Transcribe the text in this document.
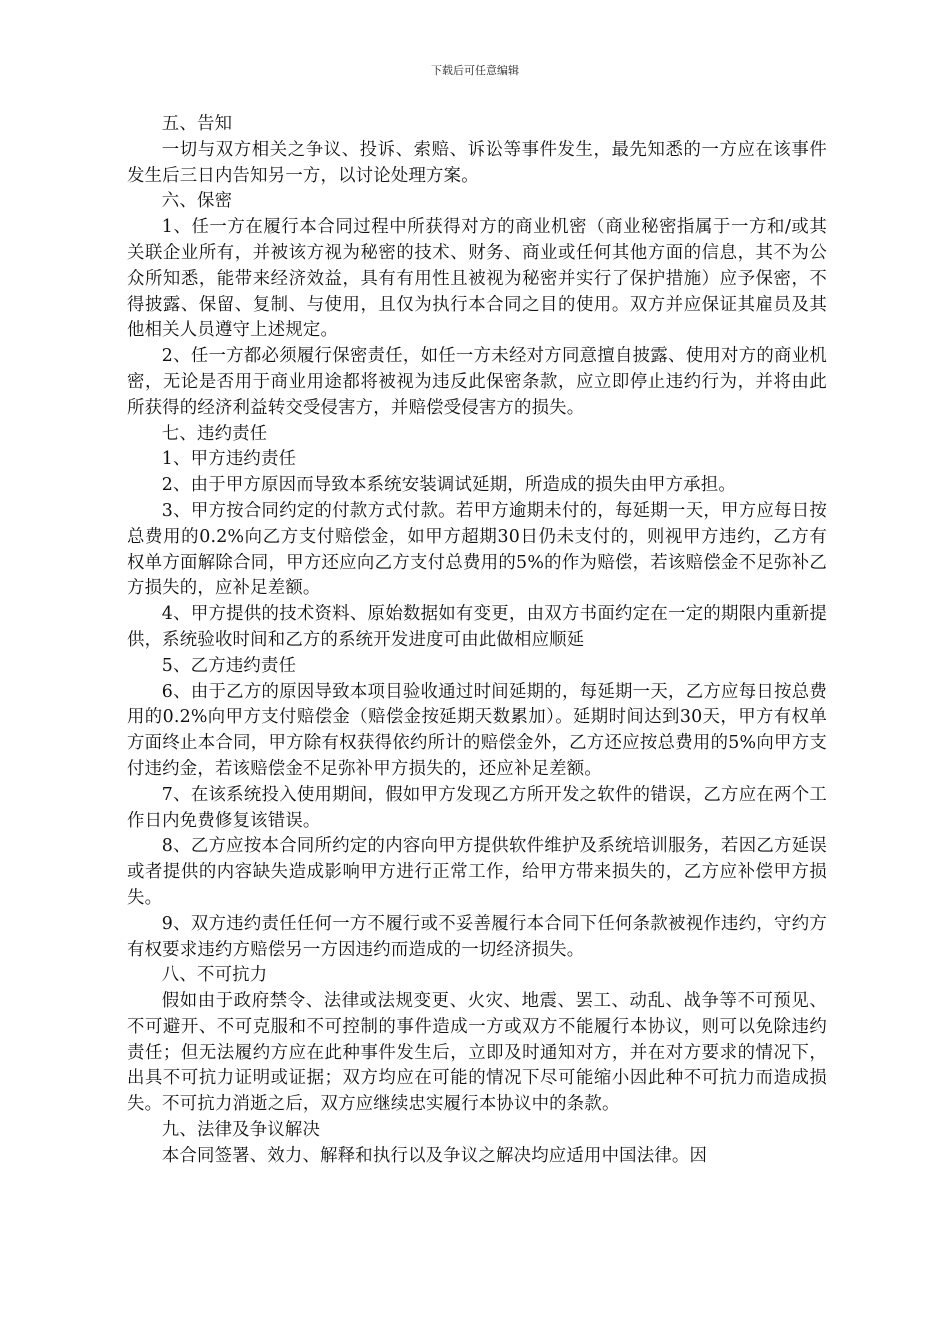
下载后可任意编辑

五、告知

一切与双方相关之争议、投诉、索赔、诉讼等事件发生，最先知悉的一方应在该事件发生后三日内告知另一方，以讨论处理方案。

六、保密

1、任一方在履行本合同过程中所获得对方的商业机密（商业秘密指属于一方和/或其关联企业所有，并被该方视为秘密的技术、财务、商业或任何其他方面的信息，其不为公众所知悉，能带来经济效益，具有有用性且被视为秘密并实行了保护措施）应予保密，不得披露、保留、复制、与使用，且仅为执行本合同之目的使用。双方并应保证其雇员及其他相关人员遵守上述规定。

2、任一方都必须履行保密责任，如任一方未经对方同意擅自披露、使用对方的商业机密，无论是否用于商业用途都将被视为违反此保密条款，应立即停止违约行为，并将由此所获得的经济利益转交受侵害方，并赔偿受侵害方的损失。

七、违约责任

1、甲方违约责任

2、由于甲方原因而导致本系统安装调试延期，所造成的损失由甲方承担。

3、甲方按合同约定的付款方式付款。若甲方逾期未付的，每延期一天，甲方应每日按总费用的0.2%向乙方支付赔偿金，如甲方超期30日仍未支付的，则视甲方违约，乙方有权单方面解除合同，甲方还应向乙方支付总费用的5%的作为赔偿，若该赔偿金不足弥补乙方损失的，应补足差额。

4、甲方提供的技术资料、原始数据如有变更，由双方书面约定在一定的期限内重新提供，系统验收时间和乙方的系统开发进度可由此做相应顺延

5、乙方违约责任

6、由于乙方的原因导致本项目验收通过时间延期的，每延期一天，乙方应每日按总费用的0.2%向甲方支付赔偿金（赔偿金按延期天数累加）。延期时间达到30天，甲方有权单方面终止本合同，甲方除有权获得依约所计的赔偿金外，乙方还应按总费用的5%向甲方支付违约金，若该赔偿金不足弥补甲方损失的，还应补足差额。

7、在该系统投入使用期间，假如甲方发现乙方所开发之软件的错误，乙方应在两个工作日内免费修复该错误。

8、乙方应按本合同所约定的内容向甲方提供软件维护及系统培训服务，若因乙方延误或者提供的内容缺失造成影响甲方进行正常工作，给甲方带来损失的，乙方应补偿甲方损失。

9、双方违约责任任何一方不履行或不妥善履行本合同下任何条款被视作违约，守约方有权要求违约方赔偿另一方因违约而造成的一切经济损失。

八、不可抗力

假如由于政府禁令、法律或法规变更、火灾、地震、罢工、动乱、战争等不可预见、不可避开、不可克服和不可控制的事件造成一方或双方不能履行本协议，则可以免除违约责任；但无法履约方应在此种事件发生后，立即及时通知对方，并在对方要求的情况下，出具不可抗力证明或证据；双方均应在可能的情况下尽可能缩小因此种不可抗力而造成损失。不可抗力消逝之后，双方应继续忠实履行本协议中的条款。

九、法律及争议解决

本合同签署、效力、解释和执行以及争议之解决均应适用中国法律。因
